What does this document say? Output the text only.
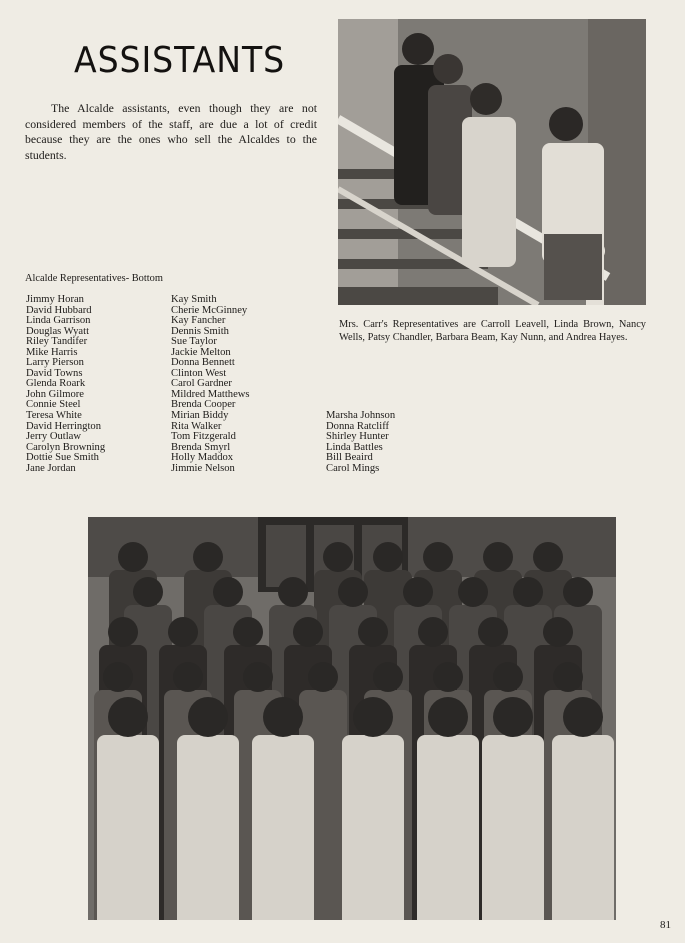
ASSISTANTS

The Alcalde assistants, even though they are not considered members of the staff, are due a lot of credit because they are the ones who sell the Alcaldes to the students.

Mrs. Carr's Representatives are Carroll Leavell, Linda Brown, Nancy Wells, Patsy Chandler, Barbara Beam, Kay Nunn, and Andrea Hayes.

Alcalde Representatives- Bottom
Jimmy Horan
David Hubbard
Linda Garrison
Douglas Wyatt
Riley Tandifer
Mike Harris
Larry Pierson
David Towns
Glenda Roark
John Gilmore
Connie Steel
Teresa White
David Herrington
Jerry Outlaw
Carolyn Browning
Dottie Sue Smith
Jane Jordan
Kay Smith
Cherie McGinney
Kay Fancher
Dennis Smith
Sue Taylor
Jackie Melton
Donna Bennett
Clinton West
Carol Gardner
Mildred Matthews
Brenda Cooper
Mirian Biddy
Rita Walker
Tom Fitzgerald
Brenda Smyrl
Holly Maddox
Jimmie Nelson
Marsha Johnson
Donna Ratcliff
Shirley Hunter
Linda Battles
Bill Beaird
Carol Mings
81
